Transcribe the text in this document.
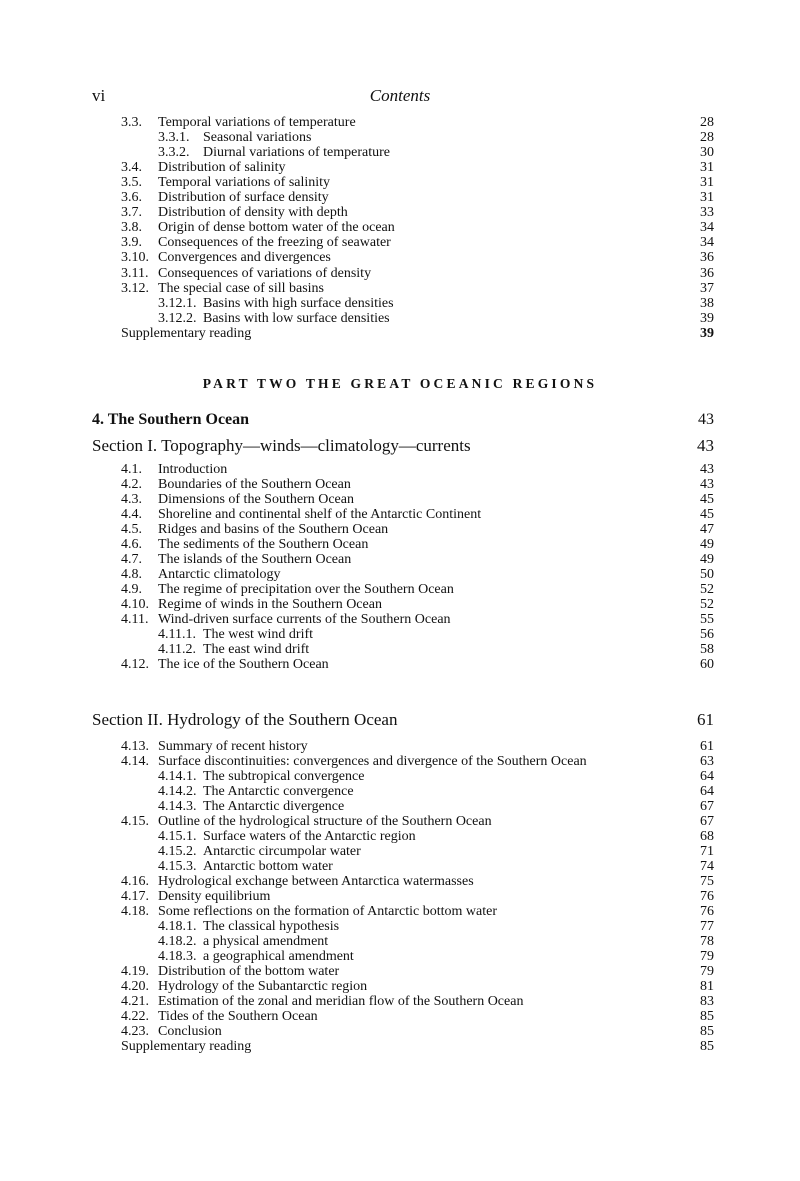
vi	Contents
3.3. Temporal variations of temperature	28
3.3.1. Seasonal variations	28
3.3.2. Diurnal variations of temperature	30
3.4. Distribution of salinity	31
3.5. Temporal variations of salinity	31
3.6. Distribution of surface density	31
3.7. Distribution of density with depth	33
3.8. Origin of dense bottom water of the ocean	34
3.9. Consequences of the freezing of seawater	34
3.10. Convergences and divergences	36
3.11. Consequences of variations of density	36
3.12. The special case of sill basins	37
3.12.1. Basins with high surface densities	38
3.12.2. Basins with low surface densities	39
Supplementary reading	39
PART TWO THE GREAT OCEANIC REGIONS
4. The Southern Ocean	43
Section I. Topography—winds—climatology—currents	43
4.1. Introduction	43
4.2. Boundaries of the Southern Ocean	43
4.3. Dimensions of the Southern Ocean	45
4.4. Shoreline and continental shelf of the Antarctic Continent	45
4.5. Ridges and basins of the Southern Ocean	47
4.6. The sediments of the Southern Ocean	49
4.7. The islands of the Southern Ocean	49
4.8. Antarctic climatology	50
4.9. The regime of precipitation over the Southern Ocean	52
4.10. Regime of winds in the Southern Ocean	52
4.11. Wind-driven surface currents of the Southern Ocean	55
4.11.1. The west wind drift	56
4.11.2. The east wind drift	58
4.12. The ice of the Southern Ocean	60
Section II. Hydrology of the Southern Ocean	61
4.13. Summary of recent history	61
4.14. Surface discontinuities: convergences and divergence of the Southern Ocean	63
4.14.1. The subtropical convergence	64
4.14.2. The Antarctic convergence	64
4.14.3. The Antarctic divergence	67
4.15. Outline of the hydrological structure of the Southern Ocean	67
4.15.1. Surface waters of the Antarctic region	68
4.15.2. Antarctic circumpolar water	71
4.15.3. Antarctic bottom water	74
4.16. Hydrological exchange between Antarctica watermasses	75
4.17. Density equilibrium	76
4.18. Some reflections on the formation of Antarctic bottom water	76
4.18.1. The classical hypothesis	77
4.18.2. a physical amendment	78
4.18.3. a geographical amendment	79
4.19. Distribution of the bottom water	79
4.20. Hydrology of the Subantarctic region	81
4.21. Estimation of the zonal and meridian flow of the Southern Ocean	83
4.22. Tides of the Southern Ocean	85
4.23. Conclusion	85
Supplementary reading	85
